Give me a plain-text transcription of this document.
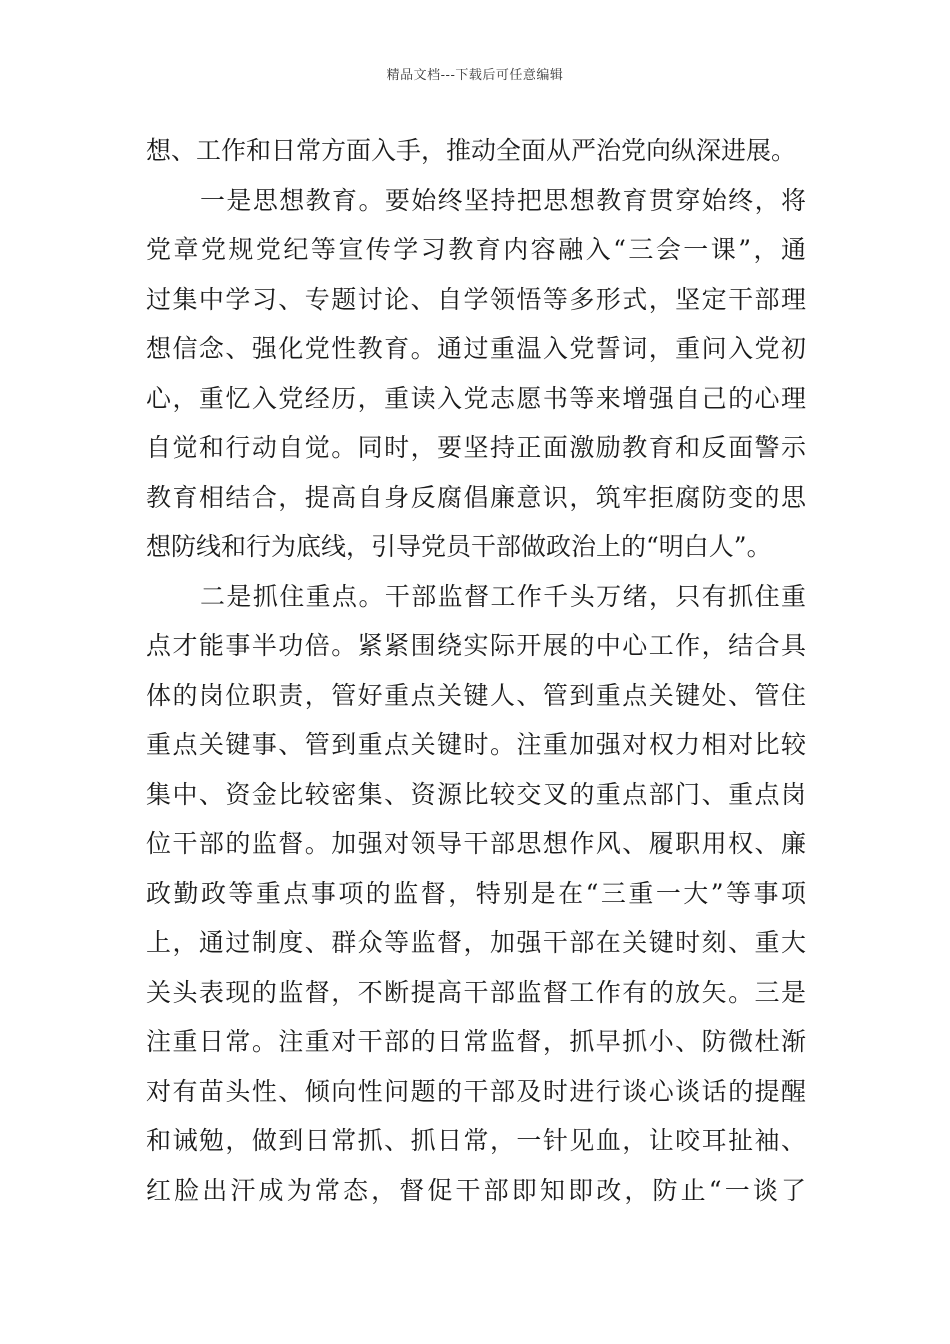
精品文档---下载后可任意编辑
想、工作和日常方面入手，推动全面从严治党向纵深进展。
一是思想教育。要始终坚持把思想教育贯穿始终，将
党章党规党纪等宣传学习教育内容融入“三会一课”，通
过集中学习、专题讨论、自学领悟等多形式，坚定干部理
想信念、强化党性教育。通过重温入党誓词，重问入党初
心，重忆入党经历，重读入党志愿书等来增强自己的心理
自觉和行动自觉。同时，要坚持正面激励教育和反面警示
教育相结合，提高自身反腐倡廉意识，筑牢拒腐防变的思
想防线和行为底线，引导党员干部做政治上的“明白人”。
二是抓住重点。干部监督工作千头万绪，只有抓住重
点才能事半功倍。紧紧围绕实际开展的中心工作，结合具
体的岗位职责，管好重点关键人、管到重点关键处、管住
重点关键事、管到重点关键时。注重加强对权力相对比较
集中、资金比较密集、资源比较交叉的重点部门、重点岗
位干部的监督。加强对领导干部思想作风、履职用权、廉
政勤政等重点事项的监督，特别是在“三重一大”等事项
上，通过制度、群众等监督，加强干部在关键时刻、重大
关头表现的监督，不断提高干部监督工作有的放矢。三是
注重日常。注重对干部的日常监督，抓早抓小、防微杜渐
对有苗头性、倾向性问题的干部及时进行谈心谈话的提醒
和诫勉，做到日常抓、抓日常，一针见血，让咬耳扯袖、
红脸出汗成为常态，督促干部即知即改，防止“一谈了
